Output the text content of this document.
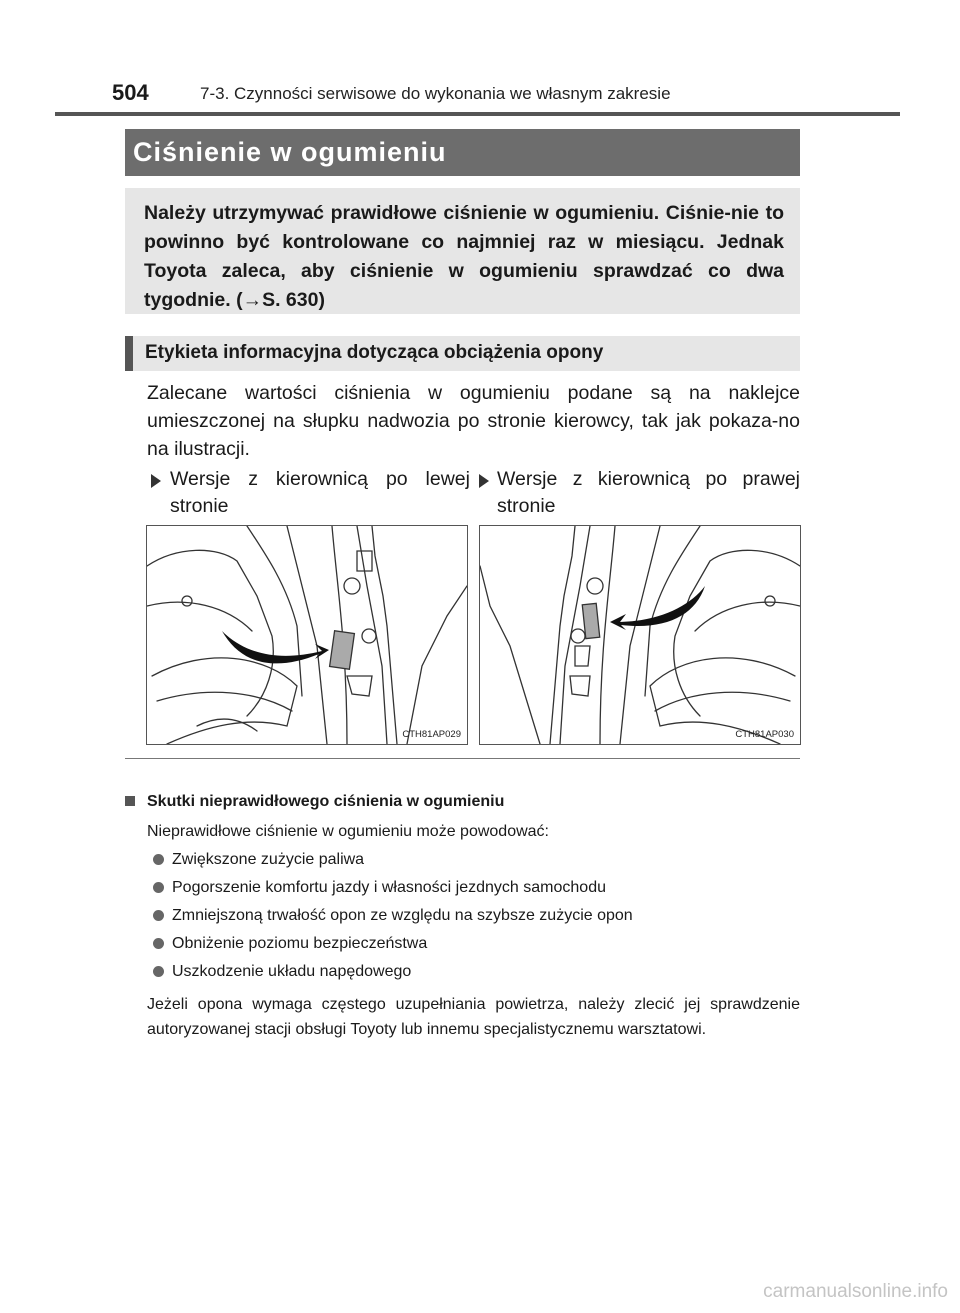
504	7-3. Czynności serwisowe do wykonania we własnym zakresie
Ciśnienie w ogumieniu
Należy utrzymywać prawidłowe ciśnienie w ogumieniu. Ciśnie-nie to powinno być kontrolowane co najmniej raz w miesiącu. Jednak Toyota zaleca, aby ciśnienie w ogumieniu sprawdzać co dwa tygodnie. (→S. 630)
Etykieta informacyjna dotycząca obciążenia opony
Zalecane wartości ciśnienia w ogumieniu podane są na naklejce umieszczonej na słupku nadwozia po stronie kierowcy, tak jak pokaza-no na ilustracji.
Wersje z kierownicą po lewej stronie
Wersje z kierownicą po prawej stronie
CTH81AP029	CTH81AP030
Skutki nieprawidłowego ciśnienia w ogumieniu
Nieprawidłowe ciśnienie w ogumieniu może powodować:
Zwiększone zużycie paliwa
Pogorszenie komfortu jazdy i własności jezdnych samochodu
Zmniejszoną trwałość opon ze względu na szybsze zużycie opon
Obniżenie poziomu bezpieczeństwa
Uszkodzenie układu napędowego
Jeżeli opona wymaga częstego uzupełniania powietrza, należy zlecić jej sprawdzenie autoryzowanej stacji obsługi Toyoty lub innemu specjalistycznemu warsztatowi.
carmanualsonline.info
